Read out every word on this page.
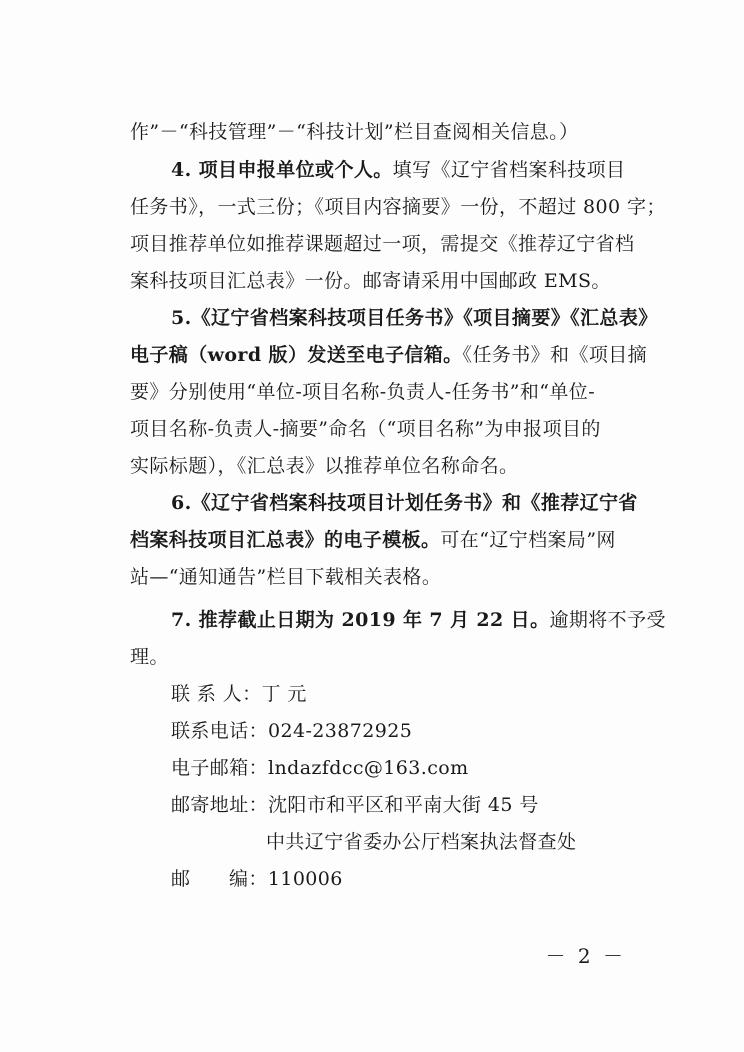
作”－“科技管理”－“科技计划”栏目查阅相关信息。）
4. 项目申报单位或个人。填写《辽宁省档案科技项目
任务书》，一式三份；《项目内容摘要》一份，不超过 800 字；
项目推荐单位如推荐课题超过一项，需提交《推荐辽宁省档
案科技项目汇总表》一份。邮寄请采用中国邮政 EMS。
5.《辽宁省档案科技项目任务书》《项目摘要》《汇总表》
电子稿（word 版）发送至电子信箱。《任务书》和《项目摘
要》分别使用“单位-项目名称-负责人-任务书”和“单位-
项目名称-负责人-摘要”命名（“项目名称”为申报项目的
实际标题），《汇总表》以推荐单位名称命名。
6.《辽宁省档案科技项目计划任务书》和《推荐辽宁省
档案科技项目汇总表》的电子模板。可在“辽宁档案局”网
站—“通知通告”栏目下载相关表格。
7. 推荐截止日期为 2019 年 7 月 22 日。逾期将不予受
理。
联 系 人：丁 元
联系电话：024-23872925
电子邮箱：lndazfdcc@163.com
邮寄地址：沈阳市和平区和平南大街 45 号
中共辽宁省委办公厅档案执法督查处
邮      编：110006
－ 2 －
